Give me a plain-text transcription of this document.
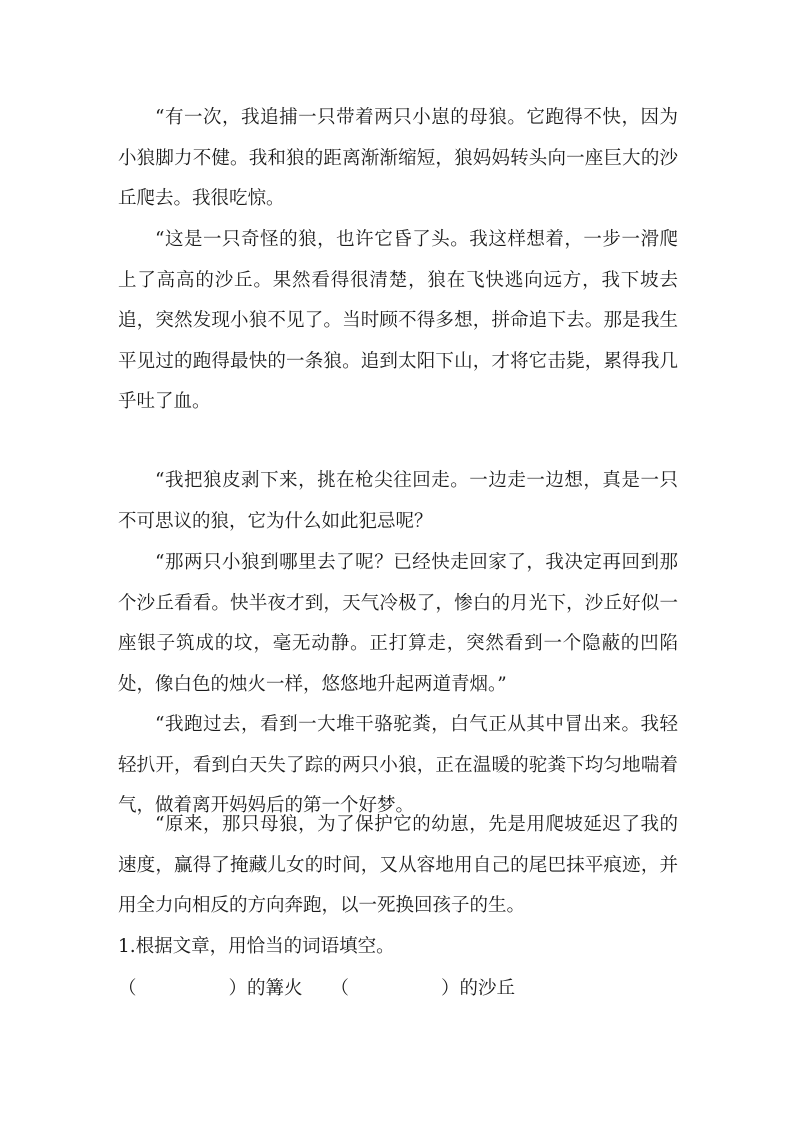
“有一次，我追捕一只带着两只小崽的母狼。它跑得不快，因为小狼脚力不健。我和狼的距离渐渐缩短，狼妈妈转头向一座巨大的沙丘爬去。我很吃惊。

“这是一只奇怪的狼，也许它昏了头。我这样想着，一步一滑爬上了高高的沙丘。果然看得很清楚，狼在飞快逃向远方，我下坡去追，突然发现小狼不见了。当时顾不得多想，拼命追下去。那是我生平见过的跑得最快的一条狼。追到太阳下山，才将它击毙，累得我几乎吐了血。

“我把狼皮剥下来，挑在枪尖往回走。一边走一边想，真是一只不可思议的狼，它为什么如此犯忌呢？

“那两只小狼到哪里去了呢？已经快走回家了，我决定再回到那个沙丘看看。快半夜才到，天气冷极了，惨白的月光下，沙丘好似一座银子筑成的坟，毫无动静。正打算走，突然看到一个隐蔽的凹陷处，像白色的烛火一样，悠悠地升起两道青烟。”

“我跑过去，看到一大堆干骆驼粪，白气正从其中冒出来。我轻轻扒开，看到白天失了踪的两只小狼，正在温暖的驼粪下均匀地喘着气，做着离开妈妈后的第一个好梦。

“原来，那只母狼，为了保护它的幼崽，先是用爬坡延迟了我的速度，赢得了掩藏儿女的时间，又从容地用自己的尾巴抹平痕迹，并用全力向相反的方向奔跑，以一死换回孩子的生。

1.根据文章，用恰当的词语填空。

（	）的篝火 （	）的沙丘
